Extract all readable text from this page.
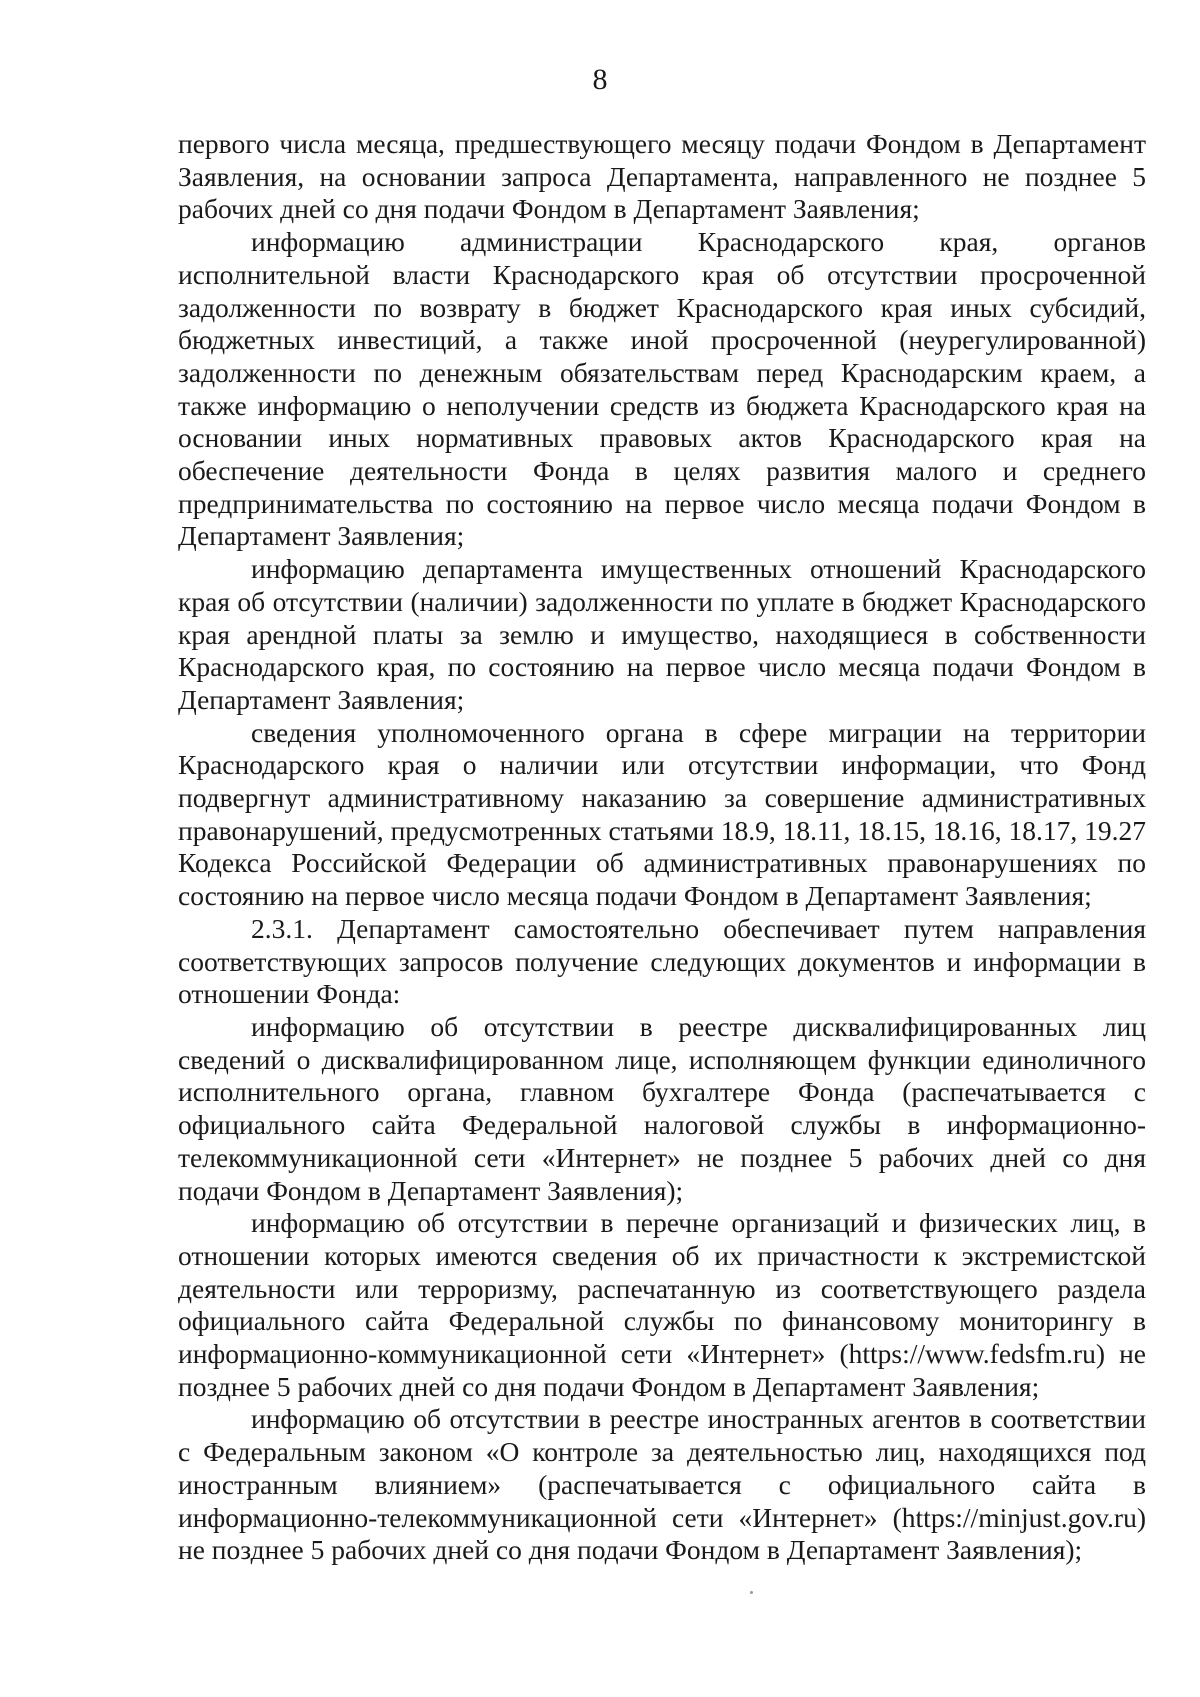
8

первого числа месяца, предшествующего месяцу подачи Фондом в Департамент Заявления, на основании запроса Департамента, направленного не позднее 5 рабочих дней со дня подачи Фондом в Департамент Заявления;

информацию администрации Краснодарского края, органов исполнительной власти Краснодарского края об отсутствии просроченной задолженности по возврату в бюджет Краснодарского края иных субсидий, бюджетных инвестиций, а также иной просроченной (неурегулированной) задолженности по денежным обязательствам перед Краснодарским краем, а также информацию о неполучении средств из бюджета Краснодарского края на основании иных нормативных правовых актов Краснодарского края на обеспечение деятельности Фонда в целях развития малого и среднего предпринимательства по состоянию на первое число месяца подачи Фондом в Департамент Заявления;

информацию департамента имущественных отношений Краснодарского края об отсутствии (наличии) задолженности по уплате в бюджет Краснодарского края арендной платы за землю и имущество, находящиеся в собственности Краснодарского края, по состоянию на первое число месяца подачи Фондом в Департамент Заявления;

сведения уполномоченного органа в сфере миграции на территории Краснодарского края о наличии или отсутствии информации, что Фонд подвергнут административному наказанию за совершение административных правонарушений, предусмотренных статьями 18.9, 18.11, 18.15, 18.16, 18.17, 19.27 Кодекса Российской Федерации об административных правонарушениях по состоянию на первое число месяца подачи Фондом в Департамент Заявления;

2.3.1. Департамент самостоятельно обеспечивает путем направления соответствующих запросов получение следующих документов и информации в отношении Фонда:

информацию об отсутствии в реестре дисквалифицированных лиц сведений о дисквалифицированном лице, исполняющем функции единоличного исполнительного органа, главном бухгалтере Фонда (распечатывается с официального сайта Федеральной налоговой службы в информационно-телекоммуникационной сети «Интернет» не позднее 5 рабочих дней со дня подачи Фондом в Департамент Заявления);

информацию об отсутствии в перечне организаций и физических лиц, в отношении которых имеются сведения об их причастности к экстремистской деятельности или терроризму, распечатанную из соответствующего раздела официального сайта Федеральной службы по финансовому мониторингу в информационно-коммуникационной сети «Интернет» (https://www.fedsfm.ru) не позднее 5 рабочих дней со дня подачи Фондом в Департамент Заявления;

информацию об отсутствии в реестре иностранных агентов в соответствии с Федеральным законом «О контроле за деятельностью лиц, находящихся под иностранным влиянием» (распечатывается с официального сайта в информационно-телекоммуникационной сети «Интернет» (https://minjust.gov.ru) не позднее 5 рабочих дней со дня подачи Фондом в Департамент Заявления);
